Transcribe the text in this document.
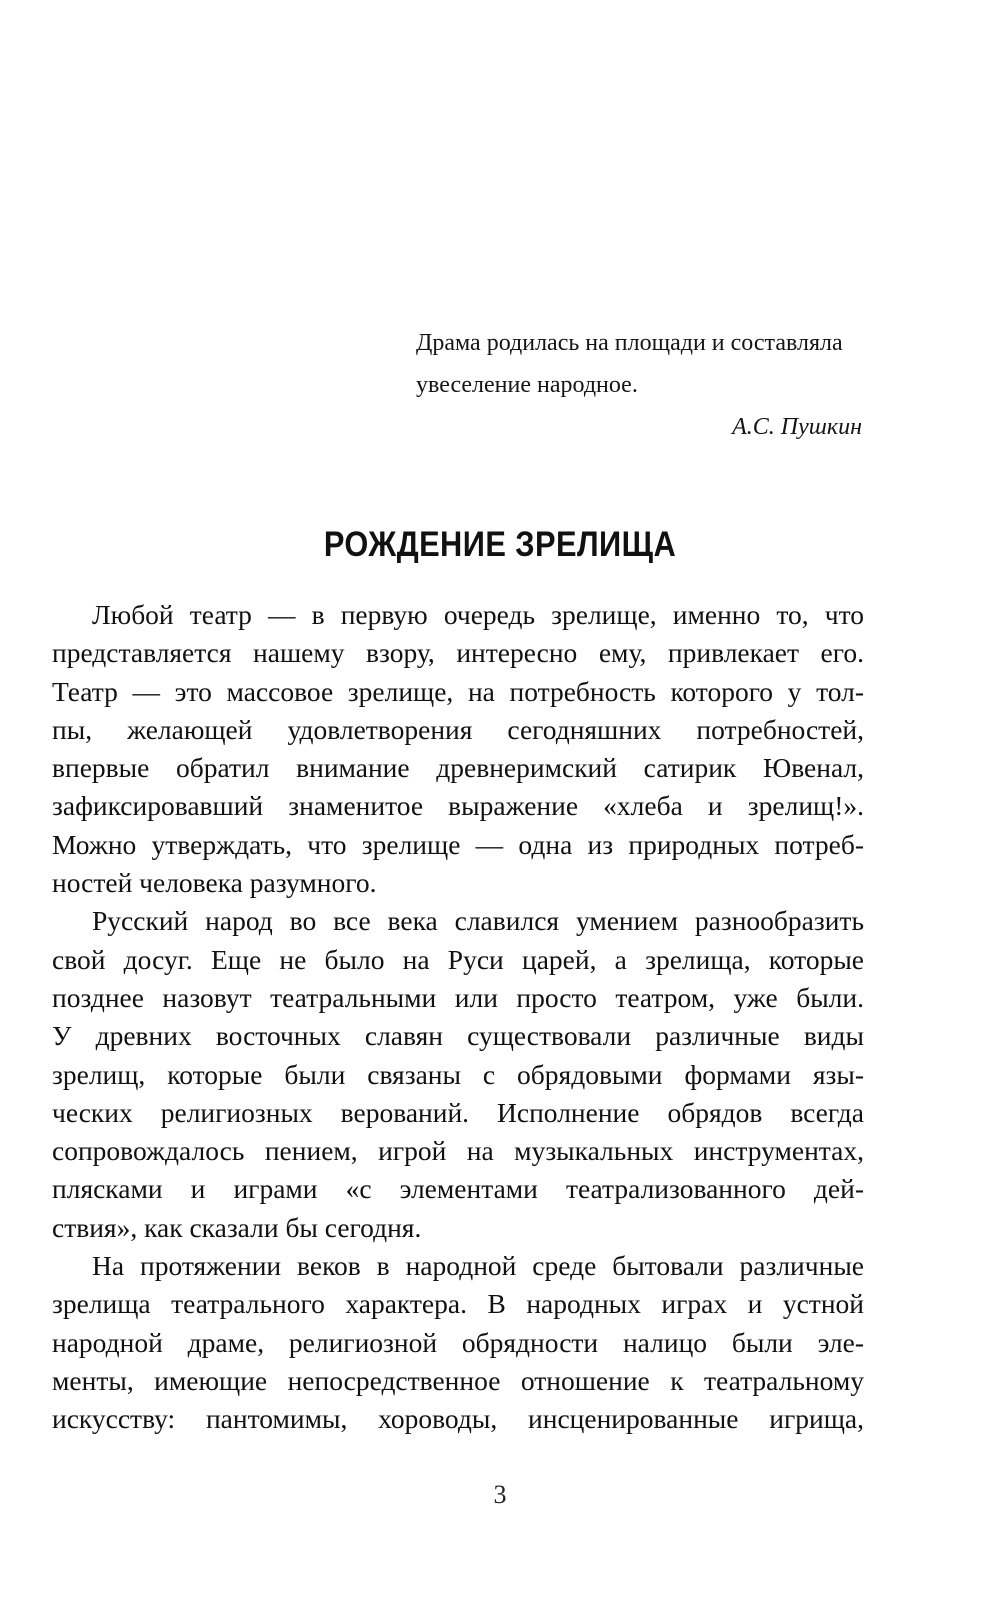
Драма родилась на площади и составляла
увеселение народное.
А.С. Пушкин
РОЖДЕНИЕ ЗРЕЛИЩА
Любой театр — в первую очередь зрелище, именно то, что
представляется нашему взору, интересно ему, привлекает его.
Театр — это массовое зрелище, на потребность которого у тол-
пы, желающей удовлетворения сегодняшних потребностей,
впервые обратил внимание древнеримский сатирик Ювенал,
зафиксировавший знаменитое выражение «хлеба и зрелищ!».
Можно утверждать, что зрелище — одна из природных потреб-
ностей человека разумного.
Русский народ во все века славился умением разнообразить
свой досуг. Еще не было на Руси царей, а зрелища, которые
позднее назовут театральными или просто театром, уже были.
У древних восточных славян существовали различные виды
зрелищ, которые были связаны с обрядовыми формами язы-
ческих религиозных верований. Исполнение обрядов всегда
сопровождалось пением, игрой на музыкальных инструментах,
плясками и играми «с элементами театрализованного дей-
ствия», как сказали бы сегодня.
На протяжении веков в народной среде бытовали различные
зрелища театрального характера. В народных играх и устной
народной драме, религиозной обрядности налицо были эле-
менты, имеющие непосредственное отношение к театральному
искусству: пантомимы, хороводы, инсценированные игрища,
3
